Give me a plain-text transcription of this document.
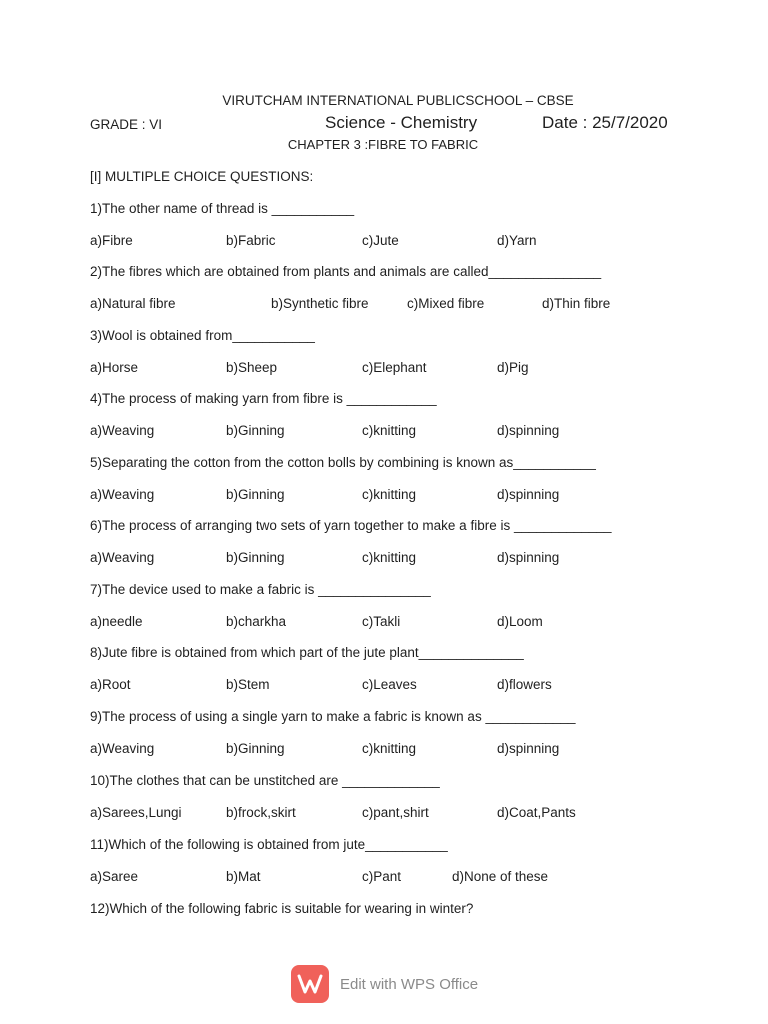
VIRUTCHAM INTERNATIONAL PUBLICSCHOOL – CBSE
GRADE : VI	Science - Chemistry	Date : 25/7/2020
CHAPTER 3 :FIBRE TO FABRIC
[I] MULTIPLE CHOICE QUESTIONS:
1)The other name of thread is ___________
a)Fibre	b)Fabric	c)Jute	d)Yarn
2)The fibres which are obtained from plants and animals are called_______________
a)Natural fibre	b)Synthetic fibre	c)Mixed fibre	d)Thin fibre
3)Wool is obtained from___________
a)Horse	b)Sheep	c)Elephant	d)Pig
4)The process of making yarn from fibre is ____________
a)Weaving	b)Ginning	c)knitting	d)spinning
5)Separating the cotton from the cotton bolls by combining is known as___________
a)Weaving	b)Ginning	c)knitting	d)spinning
6)The process of arranging two sets of yarn together to make a fibre is _____________
a)Weaving	b)Ginning	c)knitting	d)spinning
7)The device used to make a fabric is _______________
a)needle	b)charkha	c)Takli	d)Loom
8)Jute fibre is obtained from which part of the jute plant______________
a)Root	b)Stem	c)Leaves	d)flowers
9)The process of using a single yarn to make a fabric is known as ____________
a)Weaving	b)Ginning	c)knitting	d)spinning
10)The clothes that can be unstitched are _____________
a)Sarees,Lungi	b)frock,skirt	c)pant,shirt	d)Coat,Pants
11)Which of the following is obtained from jute___________
a)Saree	b)Mat	c)Pant	d)None of these
12)Which of the following fabric is suitable for wearing in winter?
Edit with WPS Office
